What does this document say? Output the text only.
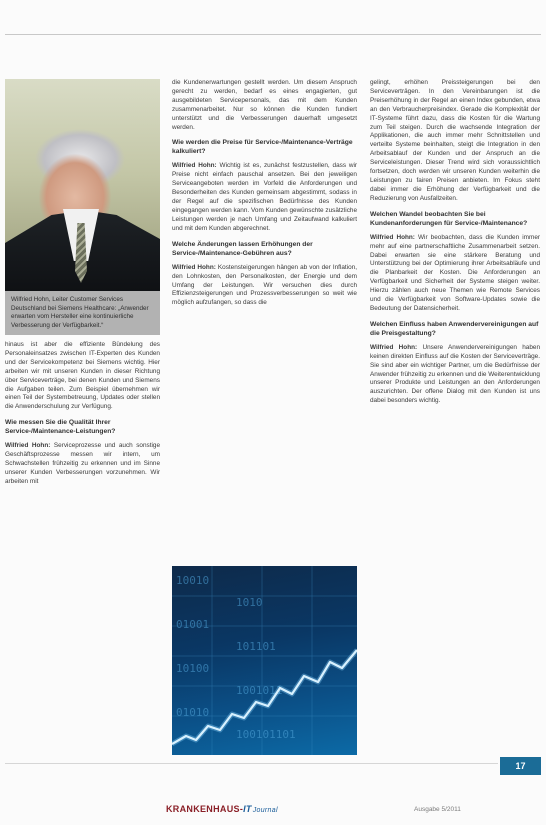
Wilfried Hohn, Leiter Customer Services Deutschland bei Siemens Healthcare: „Anwender erwarten vom Hersteller eine kontinuierliche Verbesserung der Verfügbarkeit.“

hinaus ist aber die effiziente Bündelung des Personaleinsatzes zwischen IT-Experten des Kunden und der Servicekompetenz bei Siemens wichtig. Hier arbeiten wir mit unseren Kunden in dieser Richtung über Serviceverträge, bei denen Kunden und Siemens die Aufgaben teilen. Zum Beispiel übernehmen wir einen Teil der Systembetreuung, Updates oder stellen die Anwenderschulung zur Verfügung.

Wie messen Sie die Qualität Ihrer Service-/Maintenance-Leistungen?

Wilfried Hohn: Serviceprozesse und auch sonstige Geschäftsprozesse messen wir intern, um Schwachstellen frühzeitig zu erkennen und im Sinne unserer Kunden Verbesserungen vorzunehmen. Wir arbeiten mit

die Kundenerwartungen gestellt werden. Um diesem Anspruch gerecht zu werden, bedarf es eines engagierten, gut ausgebildeten Servicepersonals, das mit dem Kunden zusammenarbeitet. Nur so können die Kunden fundiert unterstützt und die Verbesserungen dauerhaft umgesetzt werden.

Wie werden die Preise für Service-/Maintenance-Verträge kalkuliert?

Wilfried Hohn: Wichtig ist es, zunächst festzustellen, dass wir Preise nicht einfach pauschal ansetzen. Bei den jeweiligen Serviceangeboten werden im Vorfeld die Anforderungen und Besonderheiten des Kunden gemeinsam abgestimmt, sodass in der Regel auf die spezifischen Bedürfnisse des Kunden eingegangen werden kann. Vom Kunden gewünschte zusätzliche Leistungen werden je nach Umfang und Zeitaufwand kalkuliert und mit dem Kunden abgerechnet.

Welche Änderungen lassen Erhöhungen der Service-/Maintenance-Gebühren aus?

Wilfried Hohn: Kostensteigerungen hängen ab von der Inflation, den Lohnkosten, den Personalkosten, der Energie und dem Umfang der Leistungen. Wir versuchen dies durch Effizienzsteigerungen und Prozessverbesserungen so weit wie möglich aufzufangen, so dass die

10010
1010
01001
101101
10100
1001011
01010
100101101

gelingt, erhöhen Preissteigerungen bei den Serviceverträgen. In den Vereinbarungen ist die Preiserhöhung in der Regel an einen Index gebunden, etwa an den Verbraucherpreisindex. Gerade die Komplexität der IT-Systeme führt dazu, dass die Kosten für die Wartung zum Teil steigen. Durch die wachsende Integration der Applikationen, die auch immer mehr Schnittstellen und verteilte Systeme beinhalten, steigt die Integration in den Arbeitsablauf der Kunden und der Anspruch an die Serviceleistungen. Dieser Trend wird sich voraussichtlich fortsetzen, doch werden wir unseren Kunden weiterhin die Leistungen zu fairen Preisen anbieten. Im Fokus steht dabei immer die Erhöhung der Verfügbarkeit und die Reduzierung von Ausfallzeiten.

Welchen Wandel beobachten Sie bei Kundenanforderungen für Service-/Maintenance?

Wilfried Hohn: Wir beobachten, dass die Kunden immer mehr auf eine partnerschaftliche Zusammenarbeit setzen. Dabei erwarten sie eine stärkere Beratung und Unterstützung bei der Optimierung ihrer Arbeitsabläufe und die Planbarkeit der Kosten. Die Anforderungen an Verfügbarkeit und Sicherheit der Systeme steigen weiter. Hierzu zählen auch neue Themen wie Remote Services und die Verfügbarkeit von Software-Updates sowie die Bedeutung der Datensicherheit.

Welchen Einfluss haben Anwendervereinigungen auf die Preisgestaltung?

Wilfried Hohn: Unsere Anwendervereinigungen haben keinen direkten Einfluss auf die Kosten der Serviceverträge. Sie sind aber ein wichtiger Partner, um die Bedürfnisse der Anwender frühzeitig zu erkennen und die Weiterentwicklung unserer Produkte und Leistungen an den Anforderungen auszurichten. Der offene Dialog mit den Kunden ist uns dabei besonders wichtig.

17
KRANKENHAUS-ITJournal	Ausgabe 5/2011
